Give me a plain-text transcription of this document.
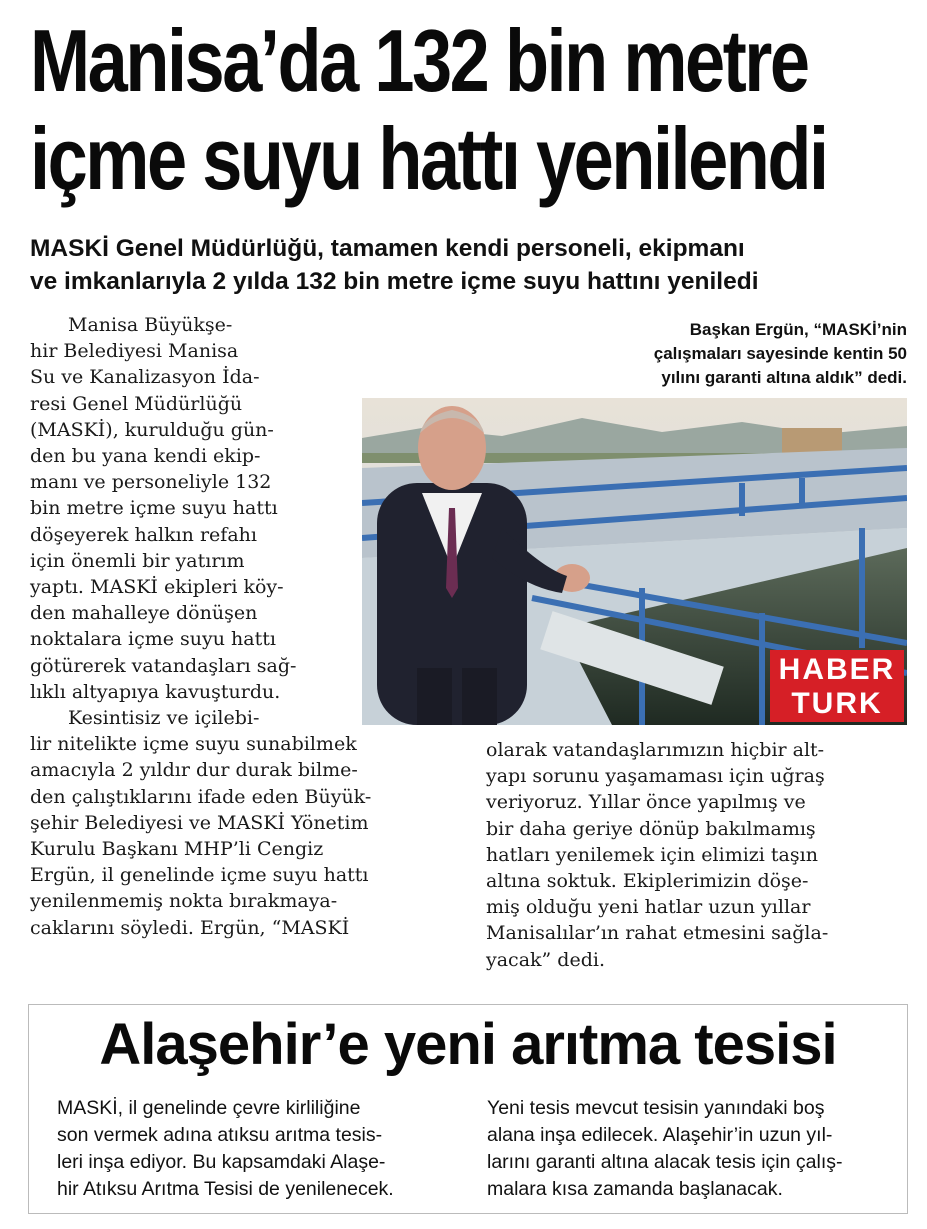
Manisa’da 132 bin metre
içme suyu hattı yenilendi
MASKİ Genel Müdürlüğü, tamamen kendi personeli, ekipmanı
ve imkanlarıyla 2 yılda 132 bin metre içme suyu hattını yeniledi
Manisa Büyükşe-
hir Belediyesi Manisa
Su ve Kanalizasyon İda-
resi Genel Müdürlüğü
(MASKİ), kurulduğu gün-
den bu yana kendi ekip-
manı ve personeliyle 132
bin metre içme suyu hattı
döşeyerek halkın refahı
için önemli bir yatırım
yaptı. MASKİ ekipleri köy-
den mahalleye dönüşen
noktalara içme suyu hattı
götürerek vatandaşları sağ-
lıklı altyapıya kavuşturdu.
Kesintisiz ve içilebi-
lir nitelikte içme suyu sunabilmek
amacıyla 2 yıldır dur durak bilme-
den çalıştıklarını ifade eden Büyük-
şehir Belediyesi ve MASKİ Yönetim
Kurulu Başkanı MHP’li Cengiz
Ergün, il genelinde içme suyu hattı
yenilenmemiş nokta bırakmaya-
caklarını söyledi. Ergün, “MASKİ
Başkan Ergün, “MASKİ’nin
çalışmaları sayesinde kentin 50
yılını garanti altına aldık” dedi.
HABER
TURK
olarak vatandaşlarımızın hiçbir alt-
yapı sorunu yaşamaması için uğraş
veriyoruz. Yıllar önce yapılmış ve
bir daha geriye dönüp bakılmamış
hatları yenilemek için elimizi taşın
altına soktuk. Ekiplerimizin döşe-
miş olduğu yeni hatlar uzun yıllar
Manisalılar’ın rahat etmesini sağla-
yacak” dedi.
Alaşehir’e yeni arıtma tesisi
MASKİ, il genelinde çevre kirliliğine
son vermek adına atıksu arıtma tesis-
leri inşa ediyor. Bu kapsamdaki Alaşe-
hir Atıksu Arıtma Tesisi de yenilenecek.
Yeni tesis mevcut tesisin yanındaki boş
alana inşa edilecek. Alaşehir’in uzun yıl-
larını garanti altına alacak tesis için çalış-
malara kısa zamanda başlanacak.
